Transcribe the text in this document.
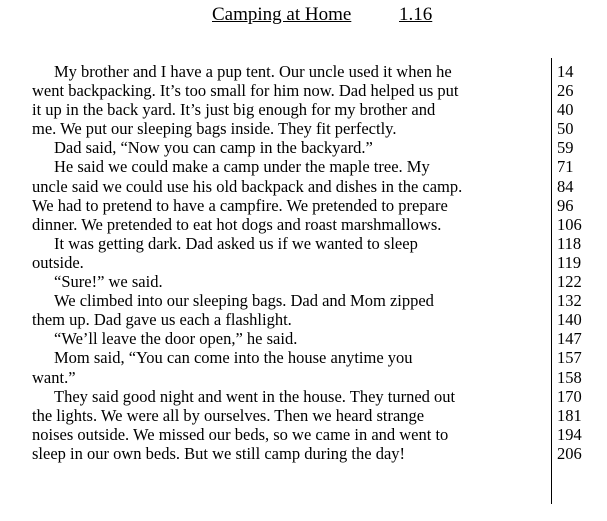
Camping at Home	1.16
My brother and I have a pup tent. Our uncle used it when he	14
went backpacking. It’s too small for him now. Dad helped us put	26
it up in the back yard. It’s just big enough for my brother and	40
me. We put our sleeping bags inside. They fit perfectly.	50
Dad said, “Now you can camp in the backyard.”	59
He said we could make a camp under the maple tree. My	71
uncle said we could use his old backpack and dishes in the camp.	84
We had to pretend to have a campfire. We pretended to prepare	96
dinner. We pretended to eat hot dogs and roast marshmallows.	106
It was getting dark. Dad asked us if we wanted to sleep	118
outside.	119
“Sure!” we said.	122
We climbed into our sleeping bags. Dad and Mom zipped	132
them up. Dad gave us each a flashlight.	140
“We’ll leave the door open,” he said.	147
Mom said, “You can come into the house anytime you	157
want.”	158
They said good night and went in the house. They turned out	170
the lights. We were all by ourselves. Then we heard strange	181
noises outside. We missed our beds, so we came in and went to	194
sleep in our own beds. But we still camp during the day!	206
